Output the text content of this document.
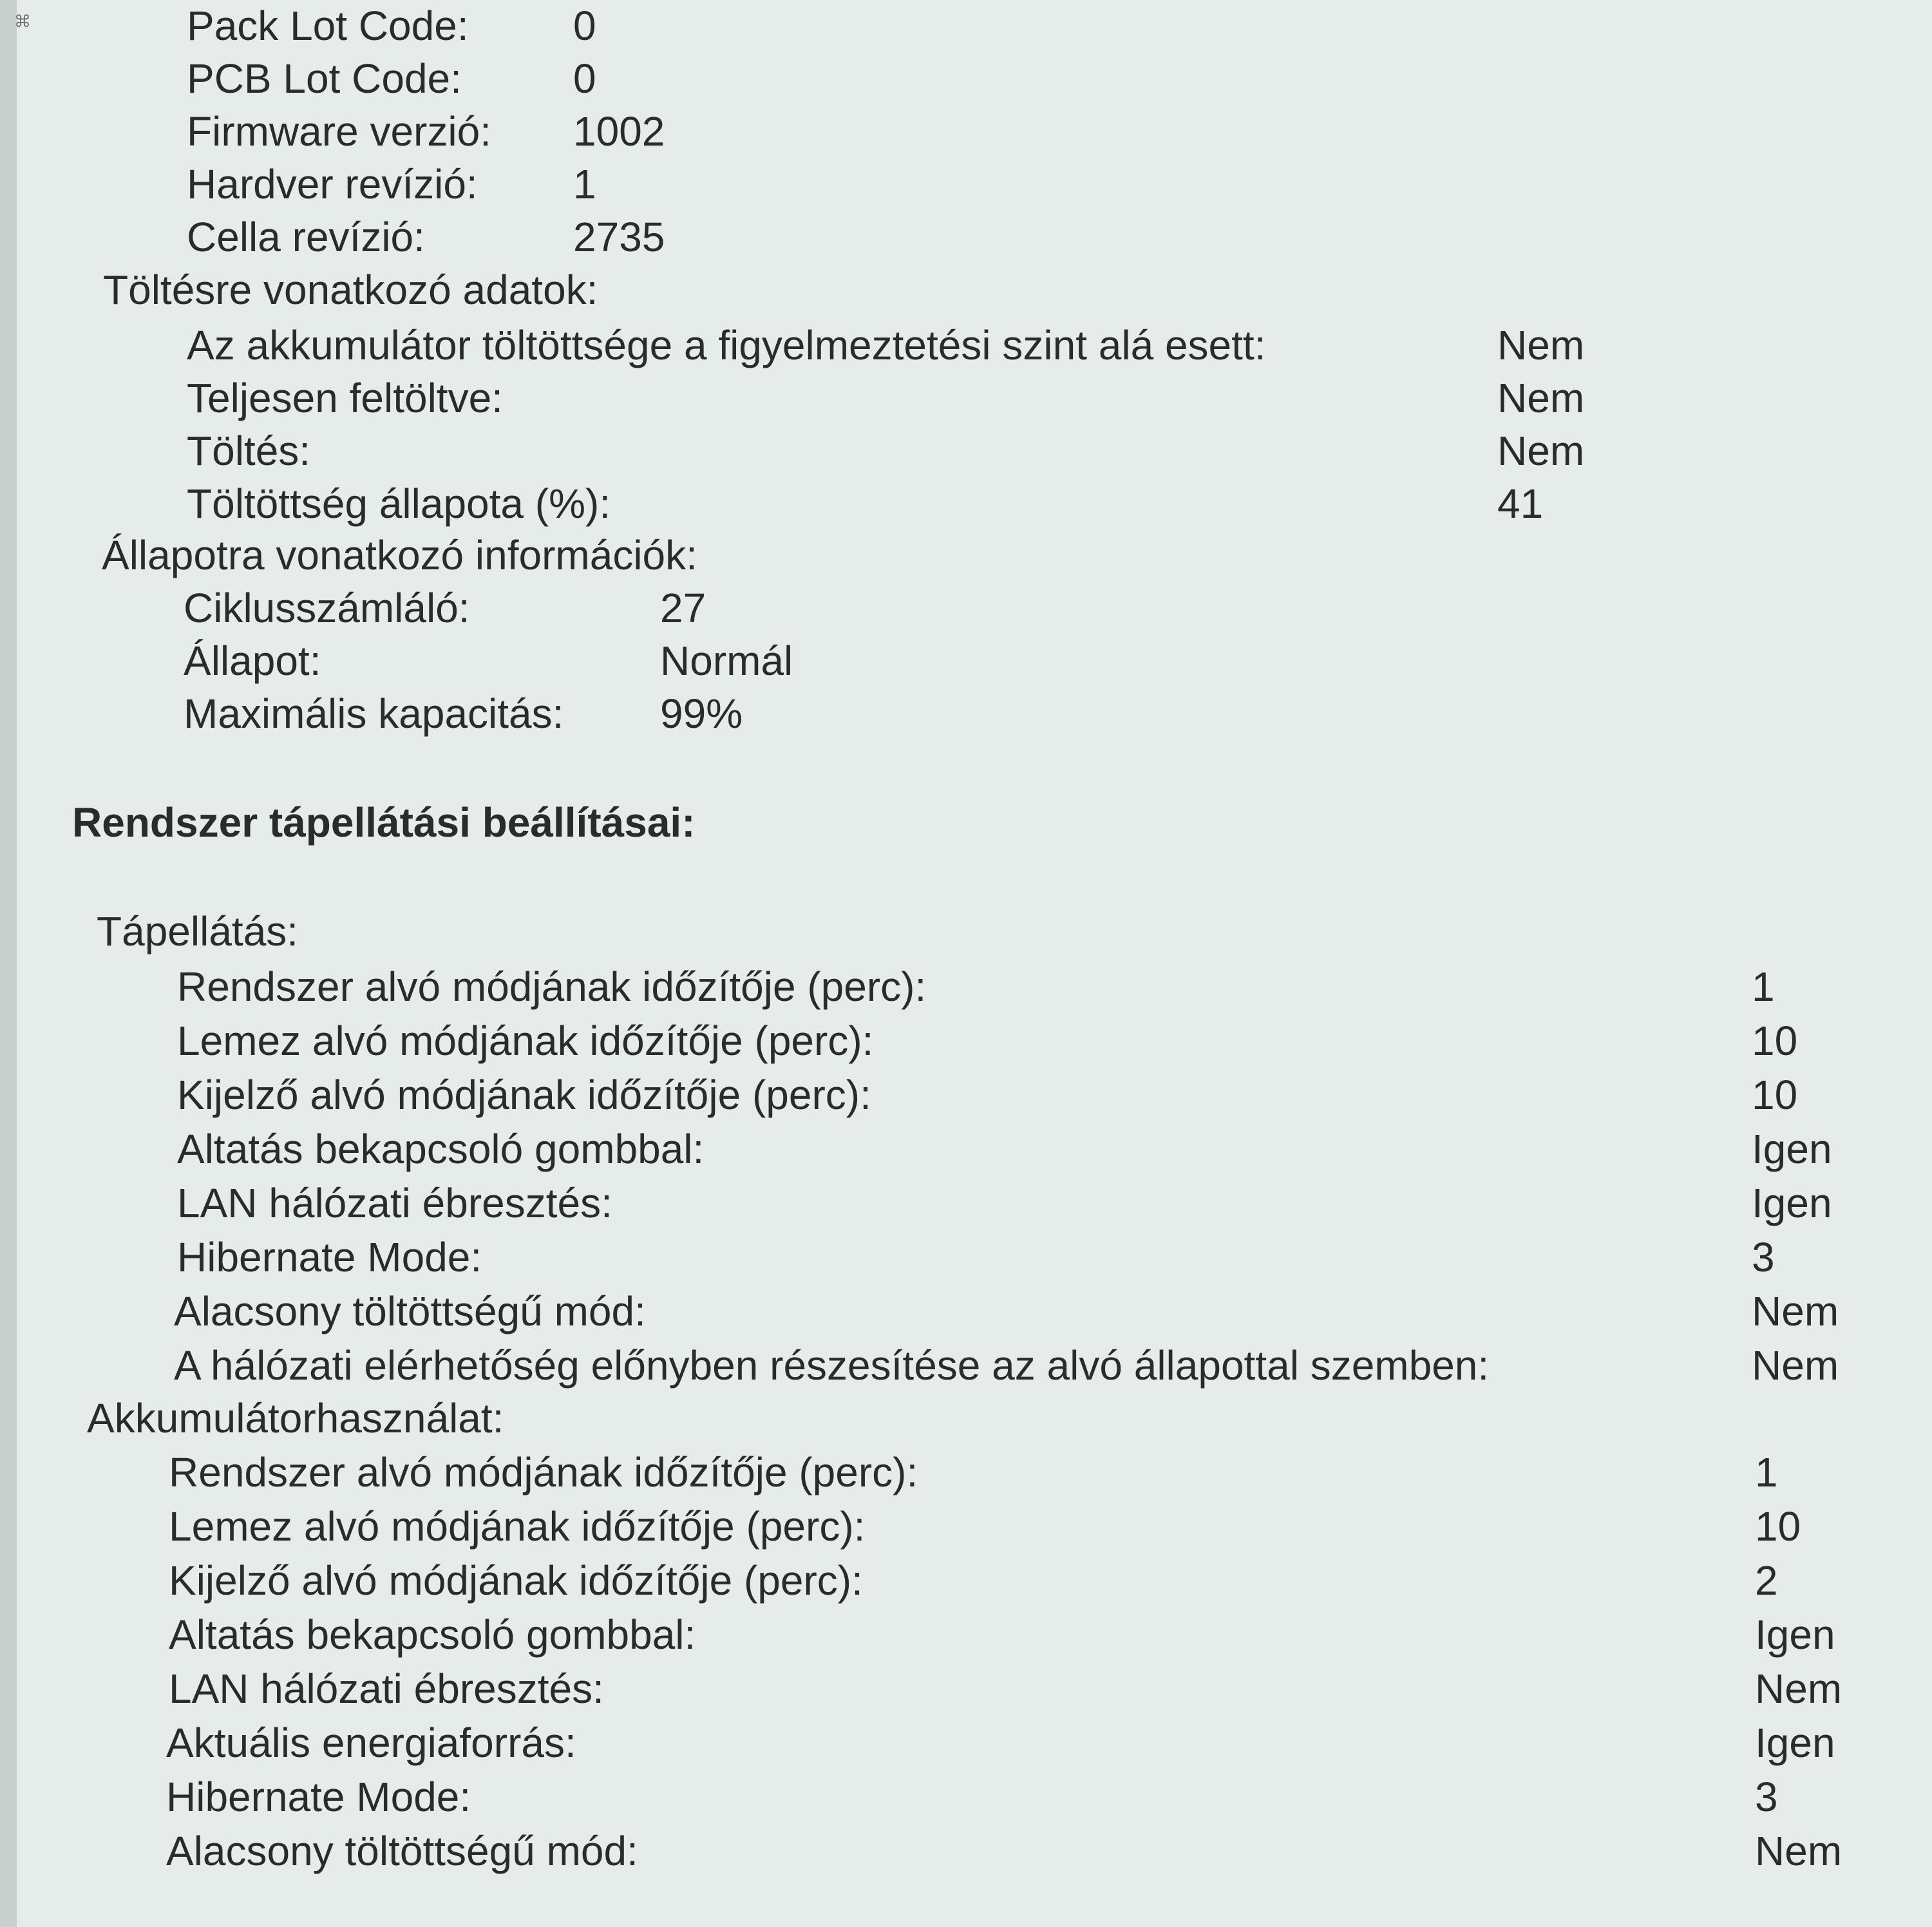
⌘	Pack Lot Code:	0
PCB Lot Code:	0
Firmware verzió: 1002
Hardver revízió: 1
Cella revízió:	2735
Töltésre vonatkozó adatok:
Az akkumulátor töltöttsége a figyelmeztetési szint alá esett:	Nem
Teljesen feltöltve:	Nem
Töltés:	Nem
Töltöttség állapota (%):	41
Állapotra vonatkozó információk:
Ciklusszámláló:	27
Állapot:	Normál
Maximális kapacitás: 99%
Rendszer tápellátási beállításai:
Tápellátás:
Rendszer alvó módjának időzítője (perc):	1
Lemez alvó módjának időzítője (perc):	10
Kijelző alvó módjának időzítője (perc):	10
Altatás bekapcsoló gombbal:	Igen
LAN hálózati ébresztés:	Igen
Hibernate Mode:	3
Alacsony töltöttségű mód:	Nem
A hálózati elérhetőség előnyben részesítése az alvó állapottal szemben:	Nem
Akkumulátorhasználat:
Rendszer alvó módjának időzítője (perc):	1
Lemez alvó módjának időzítője (perc):	10
Kijelző alvó módjának időzítője (perc):	2
Altatás bekapcsoló gombbal:	Igen
LAN hálózati ébresztés:	Nem
Aktuális energiaforrás:	Igen
Hibernate Mode:	3
Alacsony töltöttségű mód:	Nem
